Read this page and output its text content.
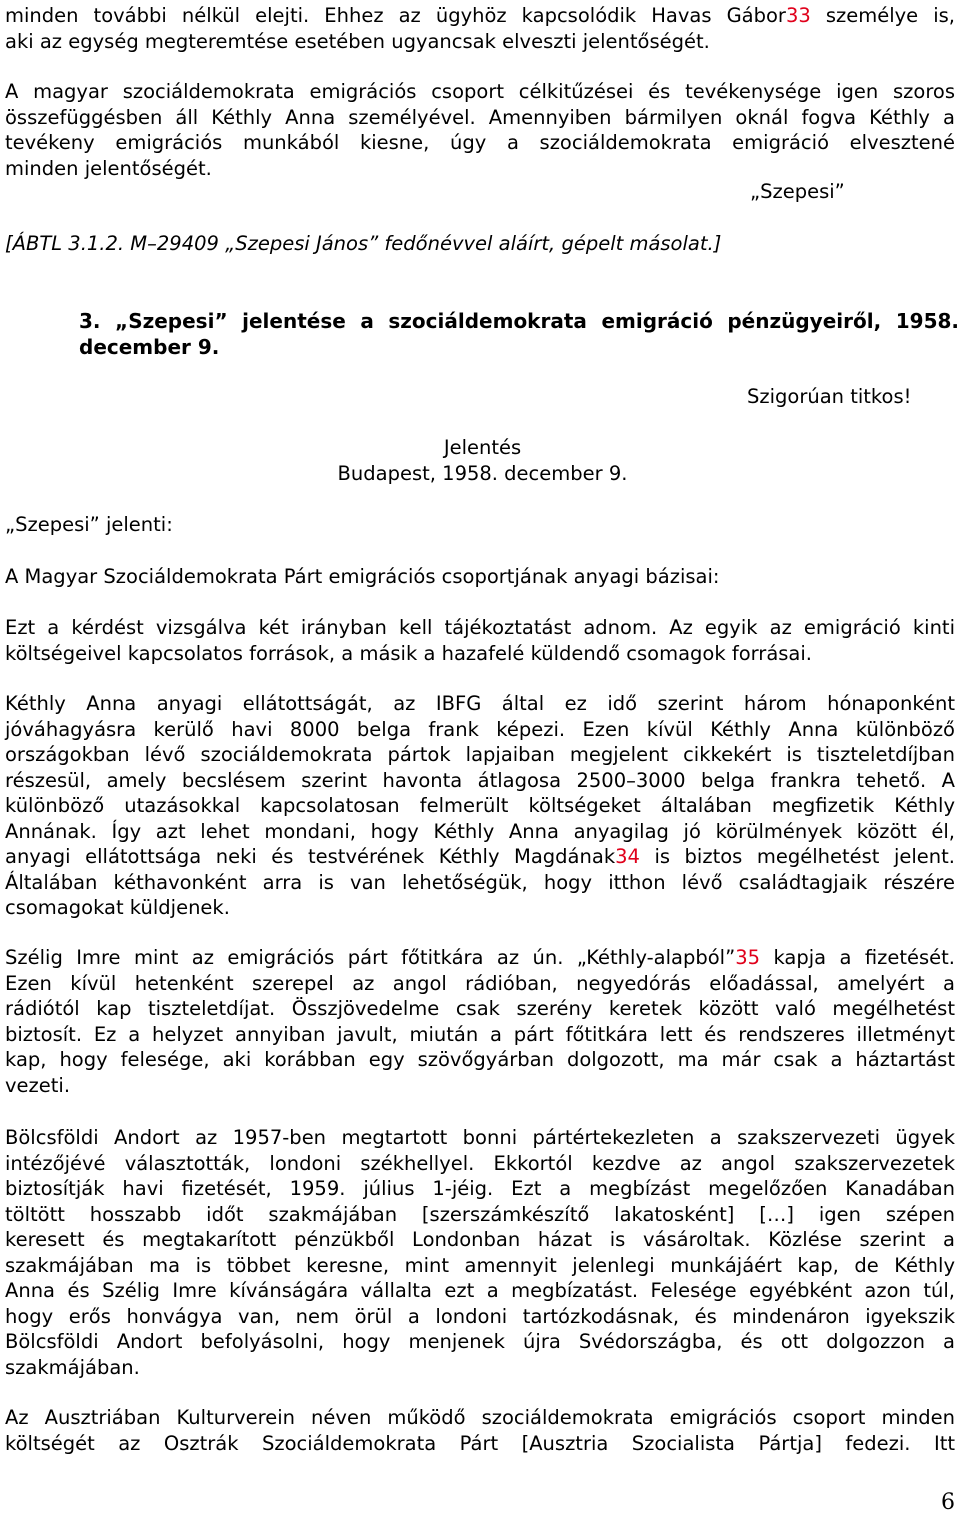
minden további nélkül elejti. Ehhez az ügyhöz kapcsolódik Havas Gábor33 személye is,
aki az egység megteremtése esetében ugyancsak elveszti jelentőségét.

A magyar szociáldemokrata emigrációs csoport célkitűzései és tevékenysége igen szoros
összefüggésben áll Kéthly Anna személyével. Amennyiben bármilyen oknál fogva Kéthly a
tevékeny emigrációs munkából kiesne, úgy a szociáldemokrata emigráció elvesztené
minden jelentőségét.

„Szepesi”
[ÁBTL 3.1.2. M–29409 „Szepesi János” fedőnévvel aláírt, gépelt másolat.]
3. „Szepesi” jelentése a szociáldemokrata emigráció pénzügyeiről, 1958.
december 9.
Szigorúan titkos!
Jelentés
Budapest, 1958. december 9.
„Szepesi” jelenti:
A Magyar Szociáldemokrata Párt emigrációs csoportjának anyagi bázisai:

Ezt a kérdést vizsgálva két irányban kell tájékoztatást adnom. Az egyik az emigráció kinti
költségeivel kapcsolatos források, a másik a hazafelé küldendő csomagok forrásai.

Kéthly Anna anyagi ellátottságát, az IBFG által ez idő szerint három hónaponként
jóváhagyásra kerülő havi 8000 belga frank képezi. Ezen kívül Kéthly Anna különböző
országokban lévő szociáldemokrata pártok lapjaiban megjelent cikkekért is tiszteletdíjban
részesül, amely becslésem szerint havonta átlagosa 2500–3000 belga frankra tehető. A
különböző utazásokkal kapcsolatosan felmerült költségeket általában megfizetik Kéthly
Annának. Így azt lehet mondani, hogy Kéthly Anna anyagilag jó körülmények között él,
anyagi ellátottsága neki és testvérének Kéthly Magdának34 is biztos megélhetést jelent.
Általában kéthavonként arra is van lehetőségük, hogy itthon lévő családtagjaik részére
csomagokat küldjenek.

Szélig Imre mint az emigrációs párt főtitkára az ún. „Kéthly-alapból”35 kapja a fizetését.
Ezen kívül hetenként szerepel az angol rádióban, negyedórás előadással, amelyért a
rádiótól kap tiszteletdíjat. Összjövedelme csak szerény keretek között való megélhetést
biztosít. Ez a helyzet annyiban javult, miután a párt főtitkára lett és rendszeres illetményt
kap, hogy felesége, aki korábban egy szövőgyárban dolgozott, ma már csak a háztartást
vezeti.

Bölcsföldi Andort az 1957-ben megtartott bonni pártértekezleten a szakszervezeti ügyek
intézőjévé választották, londoni székhellyel. Ekkortól kezdve az angol szakszervezetek
biztosítják havi fizetését, 1959. július 1-jéig. Ezt a megbízást megelőzően Kanadában
töltött hosszabb időt szakmájában [szerszámkészítő lakatosként] […] igen szépen
keresett és megtakarított pénzükből Londonban házat is vásároltak. Közlése szerint a
szakmájában ma is többet keresne, mint amennyit jelenlegi munkájáért kap, de Kéthly
Anna és Szélig Imre kívánságára vállalta ezt a megbízatást. Felesége egyébként azon túl,
hogy erős honvágya van, nem örül a londoni tartózkodásnak, és mindenáron igyekszik
Bölcsföldi Andort befolyásolni, hogy menjenek újra Svédországba, és ott dolgozzon a
szakmájában.

Az Ausztriában Kulturverein néven működő szociáldemokrata emigrációs csoport minden
költségét az Osztrák Szociáldemokrata Párt [Ausztria Szocialista Pártja] fedezi. Itt

6
